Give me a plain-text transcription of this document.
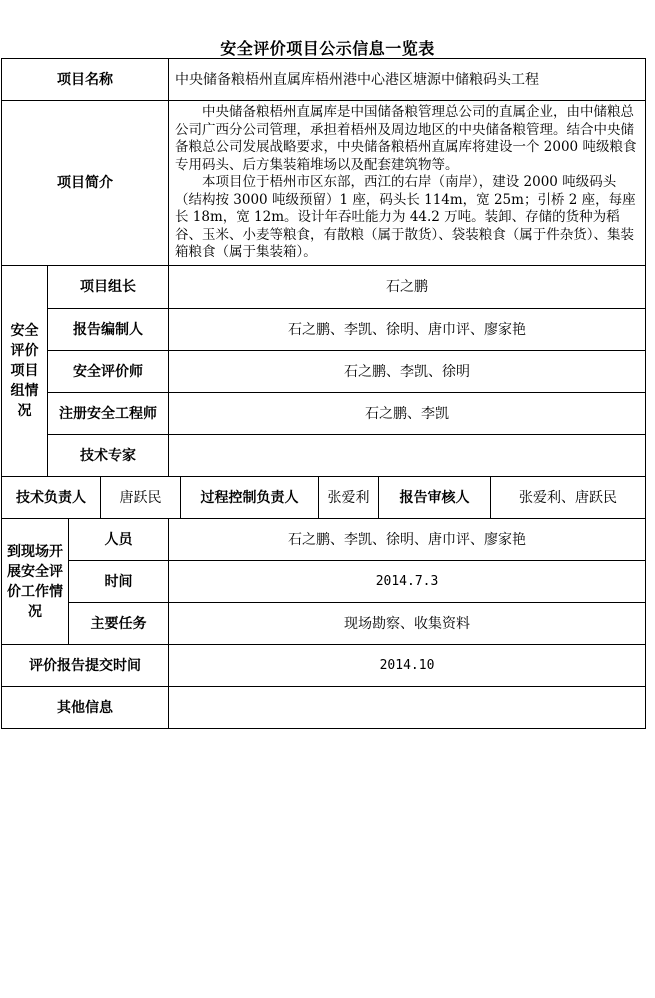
安全评价项目公示信息一览表
项目名称				中央储备粮梧州直属库梧州港中心港区塘源中储粮码头工程				
项目简介				中央储备粮梧州直属库是中国储备粮管理总公司的直属企业，由中储粮总公司广西分公司管理，承担着梧州及周边地区的中央储备粮管理。结合中央储备粮总公司发展战略要求，中央储备粮梧州直属库将建设一个 2000 吨级粮食专用码头、后方集装箱堆场以及配套建筑物等。

本项目位于梧州市区东部，西江的右岸（南岸），建设 2000 吨级码头（结构按 3000 吨级预留）1 座，码头长 114m，宽 25m；引桥 2 座，每座长 18m，宽 12m。设计年吞吐能力为 44.2 万吨。装卸、存储的货种为稻谷、玉米、小麦等粮食，有散粮（属于散货）、袋装粮食（属于件杂货）、集装箱粮食（属于集装箱）。				

安全评价项目组情况	项目组长			石之鹏				
	报告编制人			石之鹏、李凯、徐明、唐巾评、廖家艳				
	安全评价师			石之鹏、李凯、徐明				
	注册安全工程师			石之鹏、李凯				
	技术专家							
技术负责人			唐跃民		过程控制负责人	张爱利	报告审核人	张爱利、唐跃民
到现场开展安全评价工作情况		人员		石之鹏、李凯、徐明、唐巾评、廖家艳				
		时间		2014.7.3				
		主要任务		现场勘察、收集资料				
评价报告提交时间				2014.10				
其他信息								
